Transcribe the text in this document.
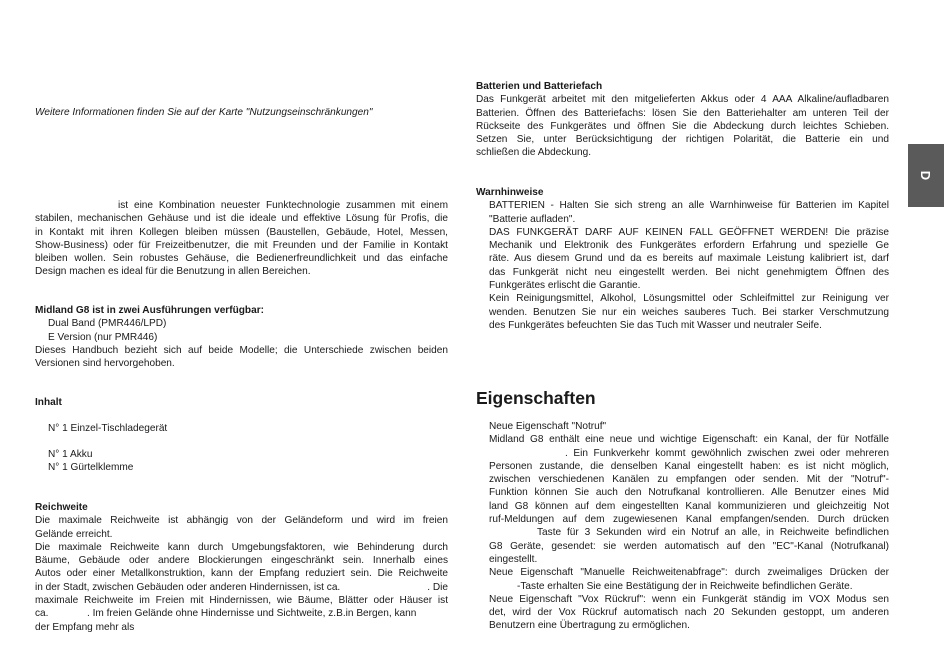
Weitere Informationen finden Sie auf der Karte "Nutzungseinschränkungen"
ist eine Kombination neuester Funktechnologie zusammen mit einem
stabilen, mechanischen Gehäuse und ist die ideale und effektive Lösung für Profis, die
in Kontakt mit ihren Kollegen bleiben müssen (Baustellen, Gebäude, Hotel, Messen,
Show-Business) oder für Freizeitbenutzer, die mit Freunden und der Familie in Kontakt
bleiben wollen. Sein robustes Gehäuse, die Bedienerfreundlichkeit und das einfache
Design machen es ideal für die Benutzung in allen Bereichen.
Midland G8 ist in zwei Ausführungen verfügbar:
Dual Band (PMR446/LPD)
E Version (nur PMR446)
Dieses Handbuch bezieht sich auf beide Modelle; die Unterschiede zwischen beiden
Versionen sind hervorgehoben.
Inhalt
N° 1 Einzel-Tischladegerät
N° 1 Akku
N° 1 Gürtelklemme
Reichweite
Die maximale Reichweite ist abhängig von der Geländeform und wird im freien
Gelände erreicht.
Die maximale Reichweite kann durch Umgebungsfaktoren, wie Behinderung durch
Bäume, Gebäude oder andere Blockierungen eingeschränkt sein. Innerhalb eines
Autos oder einer Metallkonstruktion, kann der Empfang reduziert sein. Die Reichweite
in der Stadt, zwischen Gebäuden oder anderen Hindernissen, ist ca.	. Die
maximale Reichweite im Freien mit Hindernissen, wie Bäume, Blätter oder Häuser ist
ca.	. Im freien Gelände ohne Hindernisse und Sichtweite, z.B.in Bergen, kann
der Empfang mehr als
Batterien und Batteriefach
Das Funkgerät arbeitet mit den mitgelieferten Akkus oder 4 AAA Alkaline/aufladbaren
Batterien. Öffnen des Batteriefachs: lösen Sie den Batteriehalter am unteren Teil der
Rückseite des Funkgerätes und öffnen Sie die Abdeckung durch leichtes Schieben.
Setzen Sie, unter Berücksichtigung der richtigen Polarität, die Batterie ein und
schließen die Abdeckung.
Warnhinweise
BATTERIEN - Halten Sie sich streng an alle Warnhinweise für Batterien im Kapitel
"Batterie aufladen".
DAS FUNKGERÄT DARF AUF KEINEN FALL GEÖFFNET WERDEN! Die präzise
Mechanik und Elektronik des Funkgerätes erfordern Erfahrung und spezielle Ge
räte. Aus diesem Grund und da es bereits auf maximale Leistung kalibriert ist, darf
das Funkgerät nicht neu eingestellt werden. Bei nicht genehmigtem Öffnen des
Funkgerätes erlischt die Garantie.
Kein Reinigungsmittel, Alkohol, Lösungsmittel oder Schleifmittel zur Reinigung ver
wenden. Benutzen Sie nur ein weiches sauberes Tuch. Bei starker Verschmutzung
des Funkgerätes befeuchten Sie das Tuch mit Wasser und neutraler Seife.
Eigenschaften
Neue Eigenschaft "Notruf"
Midland G8 enthält eine neue und wichtige Eigenschaft: ein Kanal, der für Notfälle
. Ein Funkverkehr kommt gewöhnlich zwischen zwei oder mehreren
Personen zustande, die denselben Kanal eingestellt haben: es ist nicht möglich,
zwischen verschiedenen Kanälen zu empfangen oder senden. Mit der "Notruf"-
Funktion können Sie auch den Notrufkanal kontrollieren. Alle Benutzer eines Mid
land G8 können auf dem eingestellten Kanal kommunizieren und gleichzeitig Not
ruf-Meldungen auf dem zugewiesenen Kanal empfangen/senden. Durch drücken
Taste für 3 Sekunden wird ein Notruf an alle, in Reichweite befindlichen
G8 Geräte, gesendet: sie werden automatisch auf den "EC"-Kanal (Notrufkanal)
eingestellt.
Neue Eigenschaft "Manuelle Reichweitenabfrage": durch zweimaliges Drücken der
-Taste erhalten Sie eine Bestätigung der in Reichweite befindlichen Geräte.
Neue Eigenschaft "Vox Rückruf": wenn ein Funkgerät ständig im VOX Modus sen
det, wird der Vox Rückruf automatisch nach 20 Sekunden gestoppt, um anderen
Benutzern eine Übertragung zu ermöglichen.
D
